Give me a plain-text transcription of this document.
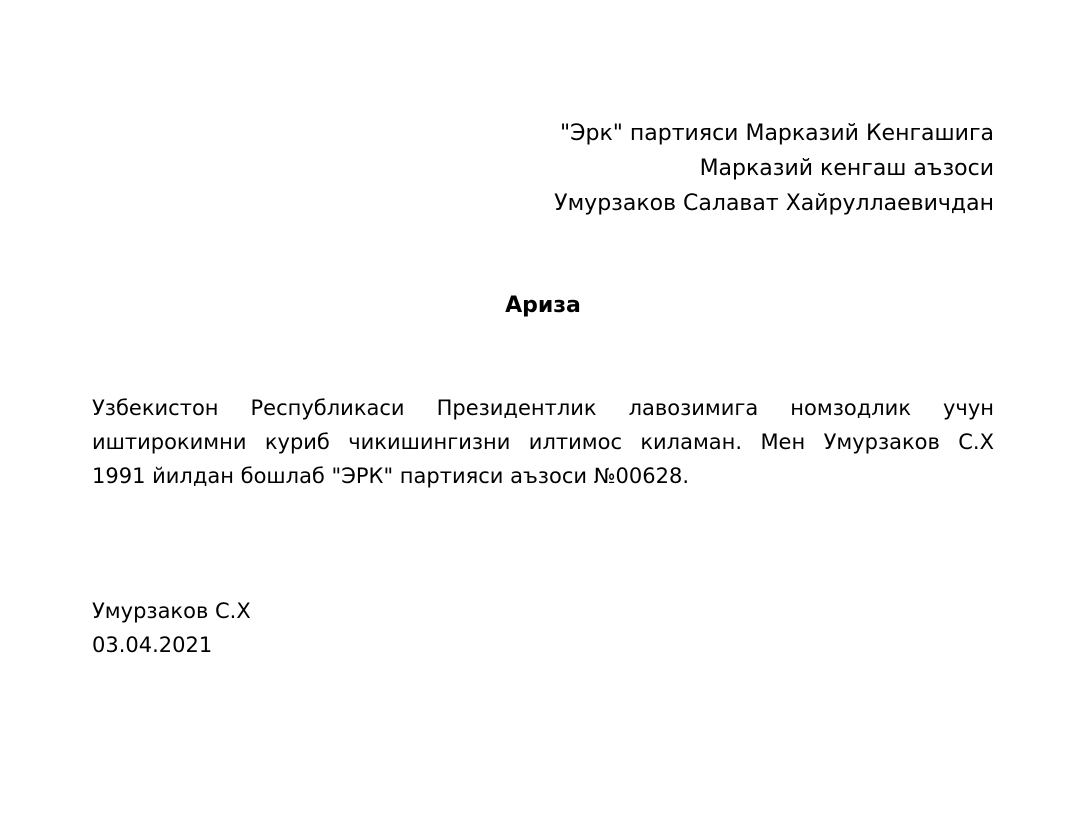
"Эрк" партияси Марказий Кенгашига
Марказий кенгаш аъзоси
Умурзаков Салават Хайруллаевичдан
Ариза
Узбекистон Республикаси Президентлик лавозимига номзодлик учун
иштирокимни куриб чикишингизни илтимос киламан. Мен Умурзаков С.Х
1991 йилдан бошлаб "ЭРК" партияси аъзоси №00628.
Умурзаков С.Х
03.04.2021
